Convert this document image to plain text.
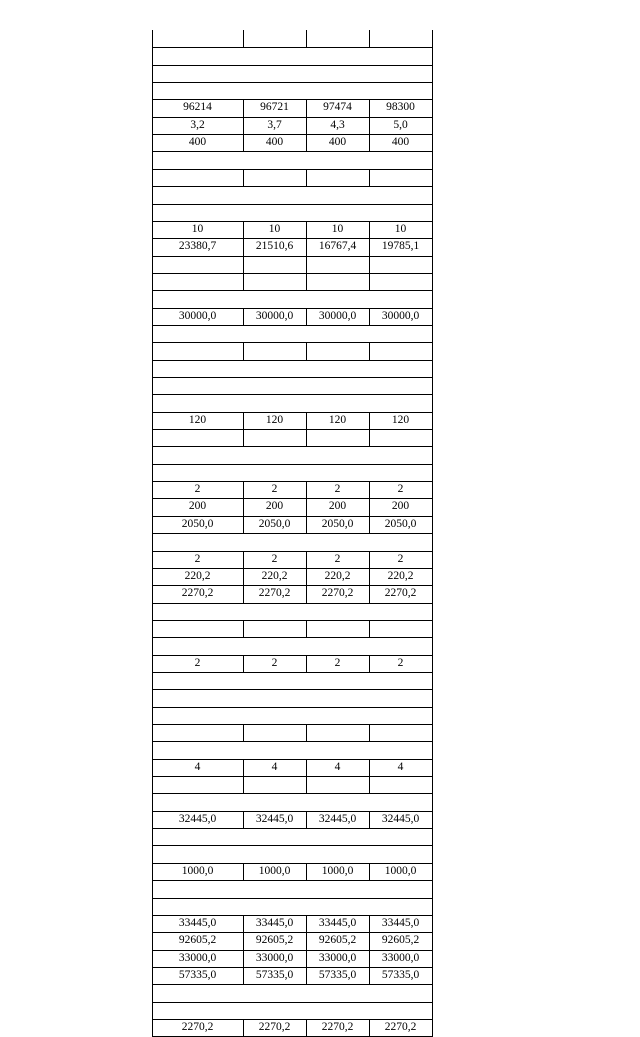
96214	96721	97474	98300
3,2	3,7	4,3	5,0
400	400	400	400
10	10	10	10
23380,7	21510,6	16767,4	19785,1
30000,0	30000,0	30000,0	30000,0
120	120	120	120
2	2	2	2
200	200	200	200
2050,0	2050,0	2050,0	2050,0
2	2	2	2
220,2	220,2	220,2	220,2
2270,2	2270,2	2270,2	2270,2
2	2	2	2
4	4	4	4
32445,0	32445,0	32445,0	32445,0
1000,0	1000,0	1000,0	1000,0
33445,0	33445,0	33445,0	33445,0
92605,2	92605,2	92605,2	92605,2
33000,0	33000,0	33000,0	33000,0
57335,0	57335,0	57335,0	57335,0
2270,2	2270,2	2270,2	2270,2
